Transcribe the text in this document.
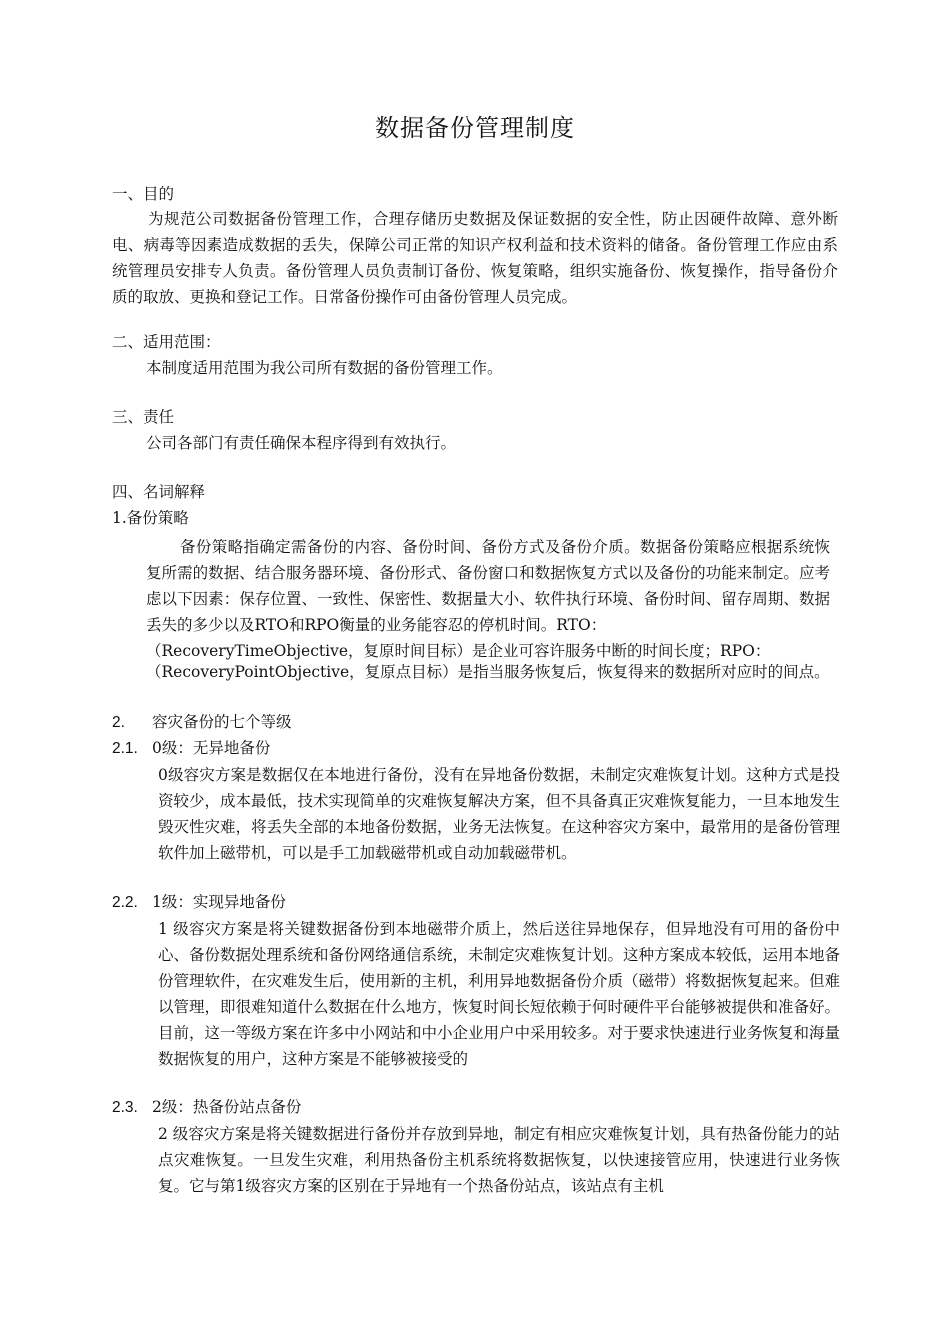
数据备份管理制度
一、目的
为规范公司数据备份管理工作，合理存储历史数据及保证数据的安全性，防止因硬件故障、意外断电、病毒等因素造成数据的丢失，保障公司正常的知识产权利益和技术资料的储备。备份管理工作应由系统管理员安排专人负责。备份管理人员负责制订备份、恢复策略，组织实施备份、恢复操作，指导备份介质的取放、更换和登记工作。日常备份操作可由备份管理人员完成。
二、适用范围：
本制度适用范围为我公司所有数据的备份管理工作。
三、责任
公司各部门有责任确保本程序得到有效执行。
四、名词解释
1.备份策略
备份策略指确定需备份的内容、备份时间、备份方式及备份介质。数据备份策略应根据系统恢复所需的数据、结合服务器环境、备份形式、备份窗口和数据恢复方式以及备份的功能来制定。应考虑以下因素：保存位置、一致性、保密性、数据量大小、软件执行环境、备份时间、留存周期、数据丢失的多少以及RTO和RPO衡量的业务能容忍的停机时间。RTO：
（RecoveryTimeObjective，复原时间目标）是企业可容许服务中断的时间长度；RPO：
（RecoveryPointObjective，复原点目标）是指当服务恢复后，恢复得来的数据所对应时的间点。
2. 容灾备份的七个等级
2.1. 0级：无异地备份
0级容灾方案是数据仅在本地进行备份，没有在异地备份数据，未制定灾难恢复计划。这种方式是投资较少，成本最低，技术实现简单的灾难恢复解决方案，但不具备真正灾难恢复能力，一旦本地发生毁灭性灾难，将丢失全部的本地备份数据，业务无法恢复。在这种容灾方案中，最常用的是备份管理软件加上磁带机，可以是手工加载磁带机或自动加载磁带机。
2.2. 1级：实现异地备份
1 级容灾方案是将关键数据备份到本地磁带介质上，然后送往异地保存，但异地没有可用的备份中心、备份数据处理系统和备份网络通信系统，未制定灾难恢复计划。这种方案成本较低，运用本地备份管理软件，在灾难发生后，使用新的主机，利用异地数据备份介质（磁带）将数据恢复起来。但难以管理，即很难知道什么数据在什么地方，恢复时间长短依赖于何时硬件平台能够被提供和准备好。目前，这一等级方案在许多中小网站和中小企业用户中采用较多。对于要求快速进行业务恢复和海量数据恢复的用户，这种方案是不能够被接受的
2.3. 2级：热备份站点备份
2 级容灾方案是将关键数据进行备份并存放到异地，制定有相应灾难恢复计划，具有热备份能力的站点灾难恢复。一旦发生灾难，利用热备份主机系统将数据恢复，以快速接管应用，快速进行业务恢复。它与第1级容灾方案的区别在于异地有一个热备份站点，该站点有主机
